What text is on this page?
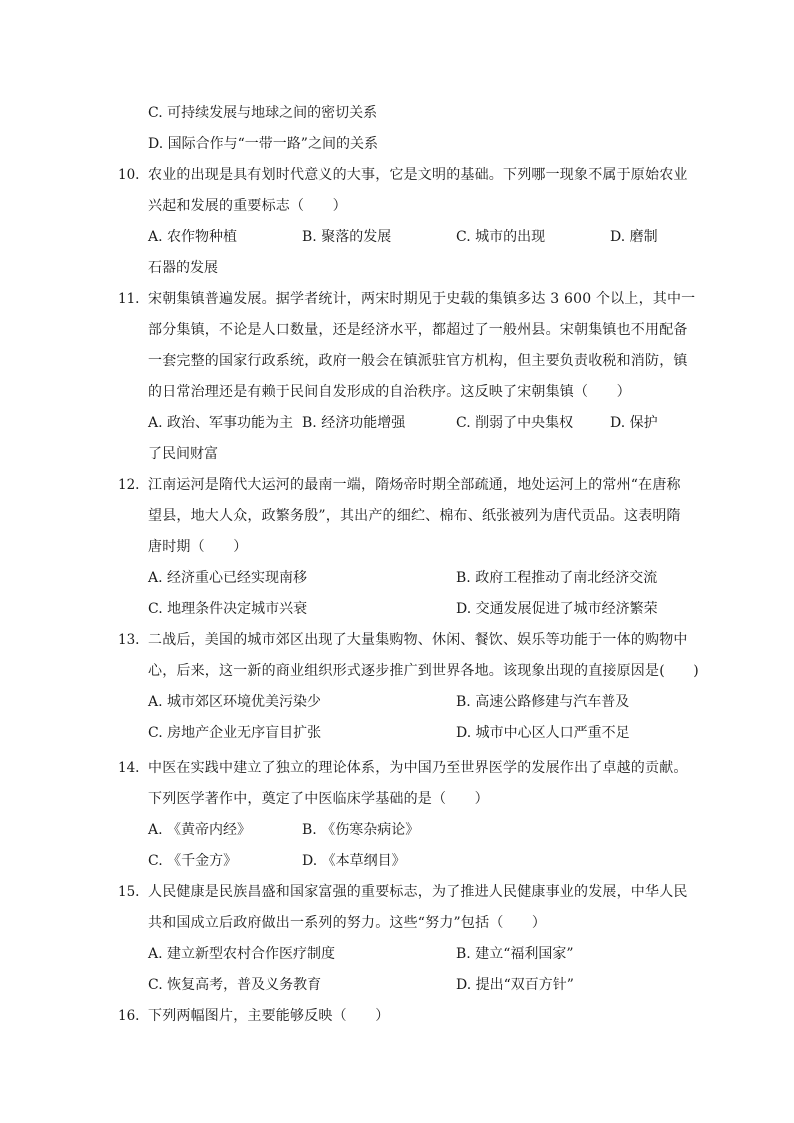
C. 可持续发展与地球之间的密切关系
D. 国际合作与“一带一路”之间的关系
10. 农业的出现是具有划时代意义的大事，它是文明的基础。下列哪一现象不属于原始农业
兴起和发展的重要标志（　　）
A. 农作物种植	B. 聚落的发展	C. 城市的出现	D. 磨制
石器的发展
11. 宋朝集镇普遍发展。据学者统计，两宋时期见于史载的集镇多达 3 600 个以上，其中一
部分集镇，不论是人口数量，还是经济水平，都超过了一般州县。宋朝集镇也不用配备
一套完整的国家行政系统，政府一般会在镇派驻官方机构，但主要负责收税和消防，镇
的日常治理还是有赖于民间自发形成的自治秩序。这反映了宋朝集镇（　　）
A. 政治、军事功能为主 B. 经济功能增强	C. 削弱了中央集权	D. 保护
了民间财富
12. 江南运河是隋代大运河的最南一端，隋炀帝时期全部疏通，地处运河上的常州“在唐称
望县，地大人众，政繁务殷”，其出产的细纻、棉布、纸张被列为唐代贡品。这表明隋
唐时期（　　）
A. 经济重心已经实现南移	B. 政府工程推动了南北经济交流
C. 地理条件决定城市兴衰	D. 交通发展促进了城市经济繁荣
13. 二战后，美国的城市郊区出现了大量集购物、休闲、餐饮、娱乐等功能于一体的购物中
心，后来，这一新的商业组织形式逐步推广到世界各地。该现象出现的直接原因是(　　)
A. 城市郊区环境优美污染少	B. 高速公路修建与汽车普及
C. 房地产企业无序盲目扩张	D. 城市中心区人口严重不足
14. 中医在实践中建立了独立的理论体系，为中国乃至世界医学的发展作出了卓越的贡献。
下列医学著作中，奠定了中医临床学基础的是（　　）
A. 《黄帝内经》	B. 《伤寒杂病论》
C. 《千金方》	D. 《本草纲目》
15. 人民健康是民族昌盛和国家富强的重要标志，为了推进人民健康事业的发展，中华人民
共和国成立后政府做出一系列的努力。这些“努力”包括（　　）
A. 建立新型农村合作医疗制度	B. 建立“福利国家”
C. 恢复高考，普及义务教育	D. 提出“双百方针”
16. 下列两幅图片，主要能够反映（　　）
